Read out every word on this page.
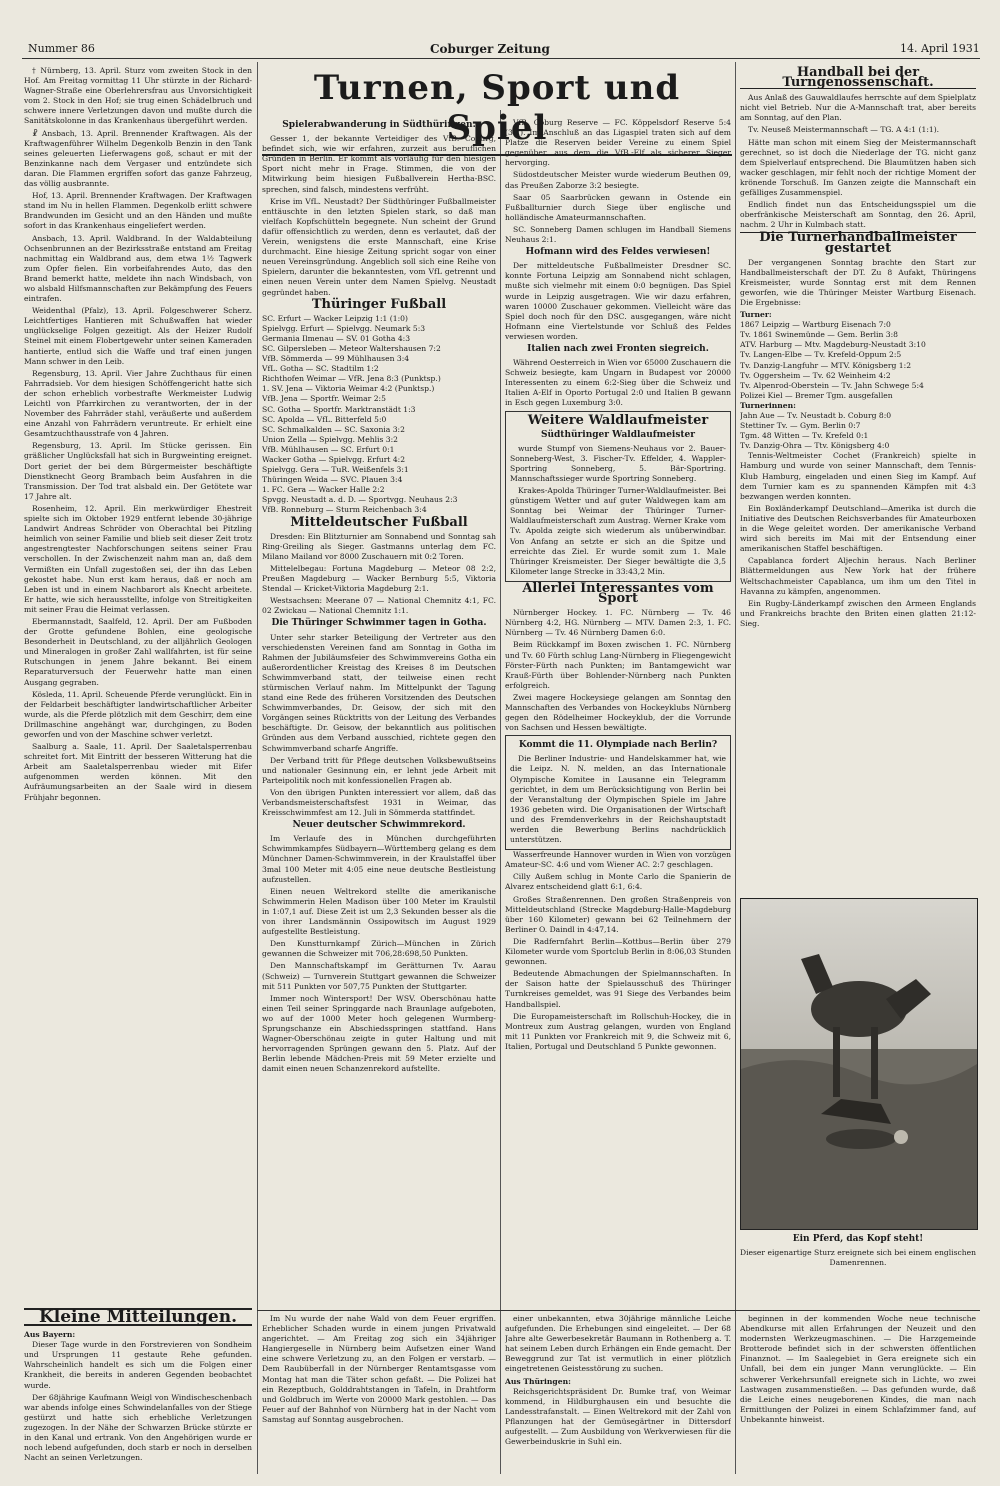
Nummer 86	Coburger Zeitung	14. April 1931

† Nürnberg, 13. April. Sturz vom zweiten Stock in den Hof. Am Freitag vormittag 11 Uhr stürzte in der Richard-Wagner-Straße eine Oberlehrersfrau aus Unvorsichtigkeit vom 2. Stock in den Hof; sie trug einen Schädelbruch und schwere innere Verletzungen davon und mußte durch die Sanitätskolonne in das Krankenhaus übergeführt werden.

☧ Ansbach, 13. April. Brennender Kraftwagen. Als der Kraftwagenführer Wilhelm Degenkolb Benzin in den Tank seines geleuerten Lieferwagens goß, schaut er mit der Benzinkanne nach dem Vergaser und entzündete sich daran. Die Flammen ergriffen sofort das ganze Fahrzeug, das völlig ausbrannte.

Hof, 13. April. Brennender Kraftwagen. Der Kraftwagen stand im Nu in hellen Flammen. Degenkolb erlitt schwere Brandwunden im Gesicht und an den Händen und mußte sofort in das Krankenhaus eingeliefert werden.

Ansbach, 13. April. Waldbrand. In der Waldabteilung Ochsenbrunnen an der Bezirksstraße entstand am Freitag nachmittag ein Waldbrand aus, dem etwa 1½ Tagwerk zum Opfer fielen. Ein vorbeifahrendes Auto, das den Brand bemerkt hatte, meldete ihn nach Windsbach, von wo alsbald Hilfsmannschaften zur Bekämpfung des Feuers eintrafen.

Weidenthal (Pfalz), 13. April. Folgeschwerer Scherz. Leichtfertiges Hantieren mit Schußwaffen hat wieder unglückselige Folgen gezeitigt. Als der Heizer Rudolf Steinel mit einem Flobertgewehr unter seinen Kameraden hantierte, entlud sich die Waffe und traf einen jungen Mann schwer in den Leib.

Regensburg, 13. April. Vier Jahre Zuchthaus für einen Fahrradsieb. Vor dem hiesigen Schöffengericht hatte sich der schon erheblich vorbestrafte Werkmeister Ludwig Leichtl von Pfarrkirchen zu verantworten, der in der November des Fahrräder stahl, veräußerte und außerdem eine Anzahl von Fahrrädern veruntreute. Er erhielt eine Gesamtzuchthausstrafe von 4 Jahren.

Regensburg, 13. April. Im Stücke gerissen. Ein gräßlicher Unglücksfall hat sich in Burgweinting ereignet. Dort geriet der bei dem Bürgermeister beschäftigte Dienstknecht Georg Brambach beim Ausfahren in die Transmission. Der Tod trat alsbald ein. Der Getötete war 17 Jahre alt.

Rosenheim, 12. April. Ein merkwürdiger Ehestreit spielte sich im Oktober 1929 entfernt lebende 30-jährige Landwirt Andreas Schröder von Oberachtal bei Pitzling heimlich von seiner Familie und blieb seit dieser Zeit trotz angestrengtester Nachforschungen seitens seiner Frau verschollen. In der Zwischenzeit nahm man an, daß dem Vermißten ein Unfall zugestoßen sei, der ihn das Leben gekostet habe. Nun erst kam heraus, daß er noch am Leben ist und in einem Nachbarort als Knecht arbeitete. Er hatte, wie sich herausstellte, infolge von Streitigkeiten mit seiner Frau die Heimat verlassen.

Ebermannstadt, Saalfeld, 12. April. Der am Fußboden der Grotte gefundene Bohlen, eine geologische Besonderheit in Deutschland, zu der alljährlich Geologen und Mineralogen in großer Zahl wallfahrten, ist für seine Rutschungen in jenem Jahre bekannt. Bei einem Reparaturversuch der Feuerwehr hatte man einen Ausgang gegraben.

Kösleda, 11. April. Scheuende Pferde verunglückt. Ein in der Feldarbeit beschäftigter landwirtschaftlicher Arbeiter wurde, als die Pferde plötzlich mit dem Geschirr, dem eine Drillmaschine angehängt war, durchgingen, zu Boden geworfen und von der Maschine schwer verletzt.

Saalburg a. Saale, 11. April. Der Saaletalsperrenbau schreitet fort. Mit Eintritt der besseren Witterung hat die Arbeit am Saaletalsperrenbau wieder mit Eifer aufgenommen werden können. Mit den Aufräumungsarbeiten an der Saale wird in diesem Frühjahr begonnen.

Kleine Mitteilungen.
Aus Bayern:

Dieser Tage wurde in den Forstrevieren von Sondheim und Ursprungen 11 gestaute Rehe gefunden. Wahrscheinlich handelt es sich um die Folgen einer Krankheit, die bereits in anderen Gegenden beobachtet wurde.

Der 68jährige Kaufmann Weigl von Windischeschenbach war abends infolge eines Schwindelanfalles von der Stiege gestürzt und hatte sich erhebliche Verletzungen zugezogen. In der Nähe der Schwarzen Brücke stürzte er in den Kanal und ertrank. Von den Angehörigen wurde er noch lebend aufgefunden, doch starb er noch in derselben Nacht an seinen Verletzungen.

Turnen, Sport und Spiel
Spielerabwanderung in Südthüringen.

Gesser 1, der bekannte Verteidiger des VfB. Coburg, befindet sich, wie wir erfahren, zurzeit aus beruflichen Gründen in Berlin. Er kommt als vorläufig für den hiesigen Sport nicht mehr in Frage. Stimmen, die von der Mitwirkung beim hiesigen Fußballverein Hertha-BSC. sprechen, sind falsch, mindestens verfrüht.

Krise im VfL. Neustadt? Der Südthüringer Fußballmeister enttäuschte in den letzten Spielen stark, so daß man vielfach Kopfschütteln begegnete. Nun scheint der Grund dafür offensichtlich zu werden, denn es verlautet, daß der Verein, wenigstens die erste Mannschaft, eine Krise durchmacht. Eine hiesige Zeitung spricht sogar von einer neuen Vereinsgründung. Angeblich soll sich eine Reihe von Spielern, darunter die bekanntesten, vom VfL getrennt und einen neuen Verein unter dem Namen Spielvg. Neustadt gegründet haben.

Thüringer Fußball
SC. Erfurt — Wacker Leipzig 1:1 (1:0)
Spielvgg. Erfurt — Spielvgg. Neumark 5:3
Germania Ilmenau — SV. 01 Gotha 4:3
SC. Gilpersleben — Meteor Waltershausen 7:2
VfB. Sömmerda — 99 Mühlhausen 3:4
VfL. Gotha — SC. Stadtilm 1:2
Richthofen Weimar — VfR. Jena 8:3 (Punktsp.)
1. SV. Jena — Viktoria Weimar 4:2 (Punktsp.)
VfB. Jena — Sportfr. Weimar 2:5
SC. Gotha — Sportfr. Marktranstädt 1:3
SC. Apolda — VfL. Bitterfeld 5:0
SC. Schmalkalden — SC. Saxonia 3:2
Union Zella — Spielvgg. Mehlis 3:2
VfB. Mühlhausen — SC. Erfurt 0:1
Wacker Gotha — Spielvgg. Erfurt 4:2
Spielvgg. Gera — TuR. Weißenfels 3:1
Thüringen Weida — SVC. Plauen 3:4
1. FC. Gera — Wacker Halle 2:2
Spvgg. Neustadt a. d. D. — Sportvgg. Neuhaus 2:3
VfB. Ronneburg — Sturm Reichenbach 3:4
Mitteldeutscher Fußball

Dresden: Ein Blitzturnier am Sonnabend und Sonntag sah Ring-Greiling als Sieger. Gastmanns unterlag dem FC. Milano Mailand vor 8000 Zuschauern mit 0:2 Toren.

Mittelelbegau: Fortuna Magdeburg — Meteor 08 2:2, Preußen Magdeburg — Wacker Bernburg 5:5, Viktoria Stendal — Kricket-Viktoria Magdeburg 2:1.

Westsachsen: Meerane 07 — National Chemnitz 4:1, FC. 02 Zwickau — National Chemnitz 1:1.

Die Thüringer Schwimmer tagen in Gotha.

Unter sehr starker Beteiligung der Vertreter aus den verschiedensten Vereinen fand am Sonntag in Gotha im Rahmen der Jubiläumsfeier des Schwimmvereins Gotha ein außerordentlicher Kreistag des Kreises 8 im Deutschen Schwimmverband statt, der teilweise einen recht stürmischen Verlauf nahm. Im Mittelpunkt der Tagung stand eine Rede des früheren Vorsitzenden des Deutschen Schwimmverbandes, Dr. Geisow, der sich mit den Vorgängen seines Rücktritts von der Leitung des Verbandes beschäftigte. Dr. Geisow, der bekanntlich aus politischen Gründen aus dem Verband ausschied, richtete gegen den Schwimmverband scharfe Angriffe.

Der Verband tritt für Pflege deutschen Volksbewußtseins und nationaler Gesinnung ein, er lehnt jede Arbeit mit Parteipolitik noch mit konfessionellen Fragen ab.

Von den übrigen Punkten interessiert vor allem, daß das Verbandsmeisterschaftsfest 1931 in Weimar, das Kreisschwimmfest am 12. Juli in Sömmerda stattfindet.

Neuer deutscher Schwimmrekord.

Im Verlaufe des in München durchgeführten Schwimmkampfes Südbayern—Württemberg gelang es dem Münchner Damen-Schwimmverein, in der Kraulstaffel über 3mal 100 Meter mit 4:05 eine neue deutsche Bestleistung aufzustellen.

Einen neuen Weltrekord stellte die amerikanische Schwimmerin Helen Madison über 100 Meter im Kraulstil in 1:07,1 auf. Diese Zeit ist um 2,3 Sekunden besser als die von ihrer Landsmännin Ossipowitsch im August 1929 aufgestellte Bestleistung.

Den Kunstturnkampf Zürich—München in Zürich gewannen die Schweizer mit 706,28:698,50 Punkten.

Den Mannschaftskampf im Gerätturnen Tv. Aarau (Schweiz) — Turnverein Stuttgart gewannen die Schweizer mit 511 Punkten vor 507,75 Punkten der Stuttgarter.

Immer noch Wintersport! Der WSV. Oberschönau hatte einen Teil seiner Springgarde nach Braunlage aufgeboten, wo auf der 1000 Meter hoch gelegenen Wurmberg-Sprungschanze ein Abschiedsspringen stattfand. Hans Wagner-Oberschönau zeigte in guter Haltung und mit hervorragenden Sprüngen gewann den 5. Platz. Auf der Berlin lebende Mädchen-Preis mit 59 Meter erzielte und damit einen neuen Schanzenrekord aufstellte.

VfB. Coburg Reserve — FC. Köppelsdorf Reserve 5:4 (3:1). Im Anschluß an das Ligaspiel traten sich auf dem Platze die Reserven beider Vereine zu einem Spiel gegenüber, aus dem die VfB.-Elf als sicherer Sieger hervorging.

Südostdeutscher Meister wurde wiederum Beuthen 09, das Preußen Zaborze 3:2 besiegte.

Saar 05 Saarbrücken gewann in Ostende ein Fußballturnier durch Siege über englische und holländische Amateurmannschaften.

SC. Sonneberg Damen schlugen im Handball Siemens Neuhaus 2:1.

Hofmann wird des Feldes verwiesen!

Der mitteldeutsche Fußballmeister Dresdner SC. konnte Fortuna Leipzig am Sonnabend nicht schlagen, mußte sich vielmehr mit einem 0:0 begnügen. Das Spiel wurde in Leipzig ausgetragen. Wie wir dazu erfahren, waren 10000 Zuschauer gekommen. Vielleicht wäre das Spiel doch noch für den DSC. ausgegangen, wäre nicht Hofmann eine Viertelstunde vor Schluß des Feldes verwiesen worden.

Italien nach zwei Fronten siegreich.

Während Oesterreich in Wien vor 65000 Zuschauern die Schweiz besiegte, kam Ungarn in Budapest vor 20000 Interessenten zu einem 6:2-Sieg über die Schweiz und Italien A-Elf in Oporto Portugal 2:0 und Italien B gewann in Esch gegen Luxemburg 3:0.

Weitere Waldlaufmeister
Südthüringer Waldlaufmeister

wurde Stumpf von Siemens-Neuhaus vor 2. Bauer-Sonneberg-West, 3. Fischer-Tv. Effelder, 4. Wappler-Sportring Sonneberg, 5. Bär-Sportring. Mannschaftssieger wurde Sportring Sonneberg.

Krakes-Apolda Thüringer Turner-Waldlaufmeister. Bei günstigem Wetter und auf guter Waldwegen kam am Sonntag bei Weimar der Thüringer Turner-Waldlaufmeisterschaft zum Austrag. Werner Krake vom Tv. Apolda zeigte sich wiederum als unüberwindbar. Von Anfang an setzte er sich an die Spitze und erreichte das Ziel. Er wurde somit zum 1. Male Thüringer Kreismeister. Der Sieger bewältigte die 3,5 Kilometer lange Strecke in 33:43,2 Min.

Allerlei Interessantes vom Sport

Nürnberger Hockey. 1. FC. Nürnberg — Tv. 46 Nürnberg 4:2, HG. Nürnberg — MTV. Damen 2:3, 1. FC. Nürnberg — Tv. 46 Nürnberg Damen 6:0.

Beim Rückkampf im Boxen zwischen 1. FC. Nürnberg und Tv. 60 Fürth schlug Lang-Nürnberg in Fliegengewicht Förster-Fürth nach Punkten; im Bantamgewicht war Krauß-Fürth über Bohlender-Nürnberg nach Punkten erfolgreich.

Zwei magere Hockeysiege gelangen am Sonntag den Mannschaften des Verbandes von Hockeyklubs Nürnberg gegen den Rödelheimer Hockeyklub, der die Vorrunde von Sachsen und Hessen bewältigte.

Kommt die 11. Olympiade nach Berlin?

Die Berliner Industrie- und Handelskammer hat, wie die Leipz. N. N. melden, an das Internationale Olympische Komitee in Lausanne ein Telegramm gerichtet, in dem um Berücksichtigung von Berlin bei der Veranstaltung der Olympischen Spiele im Jahre 1936 gebeten wird. Die Organisationen der Wirtschaft und des Fremdenverkehrs in der Reichshauptstadt werden die Bewerbung Berlins nachdrücklich unterstützen.

Wasserfreunde Hannover wurden in Wien von vorzügen Amateur-SC. 4:6 und vom Wiener AC. 2:7 geschlagen.

Cilly Außem schlug in Monte Carlo die Spanierin de Alvarez entscheidend glatt 6:1, 6:4.

Großes Straßenrennen. Den großen Straßenpreis von Mitteldeutschland (Strecke Magdeburg-Halle-Magdeburg über 160 Kilometer) gewann bei 62 Teilnehmern der Berliner O. Daindl in 4:47,14.

Die Radfernfahrt Berlin—Kottbus—Berlin über 279 Kilometer wurde vom Sportclub Berlin in 8:06,03 Stunden gewonnen.

Bedeutende Abmachungen der Spielmannschaften. In der Saison hatte der Spielausschuß des Thüringer Turnkreises gemeldet, was 91 Siege des Verbandes beim Handballspiel.

Die Europameisterschaft im Rollschuh-Hockey, die in Montreux zum Austrag gelangen, wurden von England mit 11 Punkten vor Frankreich mit 9, die Schweiz mit 6, Italien, Portugal und Deutschland 5 Punkte gewonnen.

Handball bei der Turngenossenschaft.

Aus Anlaß des Gauwaldlaufes herrschte auf dem Spielplatz nicht viel Betrieb. Nur die A-Mannschaft trat, aber bereits am Sonntag, auf den Plan.

Tv. Neuseß Meistermannschaft — TG. A 4:1 (1:1).

Hätte man schon mit einem Sieg der Meistermannschaft gerechnet, so ist doch die Niederlage der TG. nicht ganz dem Spielverlauf entsprechend. Die Blaumützen haben sich wacker geschlagen, mir fehlt noch der richtige Moment der krönende Torschuß. Im Ganzen zeigte die Mannschaft ein gefälliges Zusammenspiel.

Endlich findet nun das Entscheidungsspiel um die oberfränkische Meisterschaft am Sonntag, den 26. April, nachm. 2 Uhr in Kulmbach statt.

Die Turnerhandballmeister gestartet

Der vergangenen Sonntag brachte den Start zur Handballmeisterschaft der DT. Zu 8 Aufakt, Thüringens Kreismeister, wurde Sonntag erst mit dem Rennen geworfen, wie die Thüringer Meister Wartburg Eisenach. Die Ergebnisse:

Turner:
1867 Leipzig — Wartburg Eisenach 7:0
Tv. 1861 Swinemünde — Gem. Berlin 3:8
ATV. Harburg — Mtv. Magdeburg-Neustadt 3:10
Tv. Langen-Elbe — Tv. Krefeld-Oppum 2:5
Tv. Danzig-Langfuhr — MTV. Königsberg 1:2
Tv. Oggersheim — Tv. 62 Weinheim 4:2
Tv. Alpenrod-Oberstein — Tv. Jahn Schwege 5:4
Polizei Kiel — Bremer Tgm. ausgefallen
Turnerinnen:
Jahn Aue — Tv. Neustadt b. Coburg 8:0
Stettiner Tv. — Gym. Berlin 0:7
Tgm. 48 Witten — Tv. Krefeld 0:1
Tv. Danzig-Ohra — Ttv. Königsberg 4:0

Tennis-Weltmeister Cochet (Frankreich) spielte in Hamburg und wurde von seiner Mannschaft, dem Tennis-Klub Hamburg, eingeladen und einen Sieg im Kampf. Auf dem Turnier kam es zu spannenden Kämpfen mit 4:3 bezwangen werden konnten.

Ein Boxländerkampf Deutschland—Amerika ist durch die Initiative des Deutschen Reichsverbandes für Amateurboxen in die Wege geleitet worden. Der amerikanische Verband wird sich bereits im Mai mit der Entsendung einer amerikanischen Staffel beschäftigen.

Capablanca fordert Aljechin heraus. Nach Berliner Blättermeldungen aus New York hat der frühere Weltschachmeister Capablanca, um ihm um den Titel in Havanna zu kämpfen, angenommen.

Ein Rugby-Länderkampf zwischen den Armeen Englands und Frankreichs brachte den Briten einen glatten 21:12-Sieg.

Ein Pferd, das Kopf steht!
Dieser eigenartige Sturz ereignete sich bei einem englischen Damenrennen.

Im Nu wurde der nahe Wald von dem Feuer ergriffen. Erheblicher Schaden wurde in einem jungen Privatwald angerichtet. — Am Freitag zog sich ein 34jähriger Hangiergeselle in Nürnberg beim Aufsetzen einer Wand eine schwere Verletzung zu, an den Folgen er verstarb. — Dem Raubüberfall in der Nürnberger Rentamtsgasse vom Montag hat man die Täter schon gefaßt. — Die Polizei hat ein Rezeptbuch, Golddrahtstangen in Tafeln, in Drahtform und Goldbruch im Werte von 20000 Mark gestohlen. — Das Feuer auf der Bahnhof von Nürnberg hat in der Nacht vom Samstag auf Sonntag ausgebrochen.

einer unbekannten, etwa 30jährige männliche Leiche aufgefunden. Die Erhebungen sind eingeleitet. — Der 68 Jahre alte Gewerbesekretär Baumann in Rothenberg a. T. hat seinem Leben durch Erhängen ein Ende gemacht. Der Beweggrund zur Tat ist vermutlich in einer plötzlich eingetretenen Geistesstörung zu suchen.

Aus Thüringen:

Reichsgerichtspräsident Dr. Bumke traf, von Weimar kommend, in Hildburghausen ein und besuchte die Landesstrafanstalt. — Einen Weltrekord mit der Zahl von Pflanzungen hat der Gemüsegärtner in Dittersdorf aufgestellt. — Zum Ausbildung von Werkverwiesen für die Gewerbeinduskrie in Suhl ein.

beginnen in der kommenden Woche neue technische Abendkurse mit allen Erfahrungen der Neuzeit und den modernsten Werkzeugmaschinen. — Die Harzgemeinde Brotterode befindet sich in der schwersten öffentlichen Finanznot. — Im Saalegebiet in Gera ereignete sich ein Unfall, bei dem ein junger Mann verunglückte. — Ein schwerer Verkehrsunfall ereignete sich in Lichte, wo zwei Lastwagen zusammenstießen. — Das gefunden wurde, daß die Leiche eines neugeborenen Kindes, die man nach Ermittlungen der Polizei in einem Schlafzimmer fand, auf Unbekannte hinweist.
